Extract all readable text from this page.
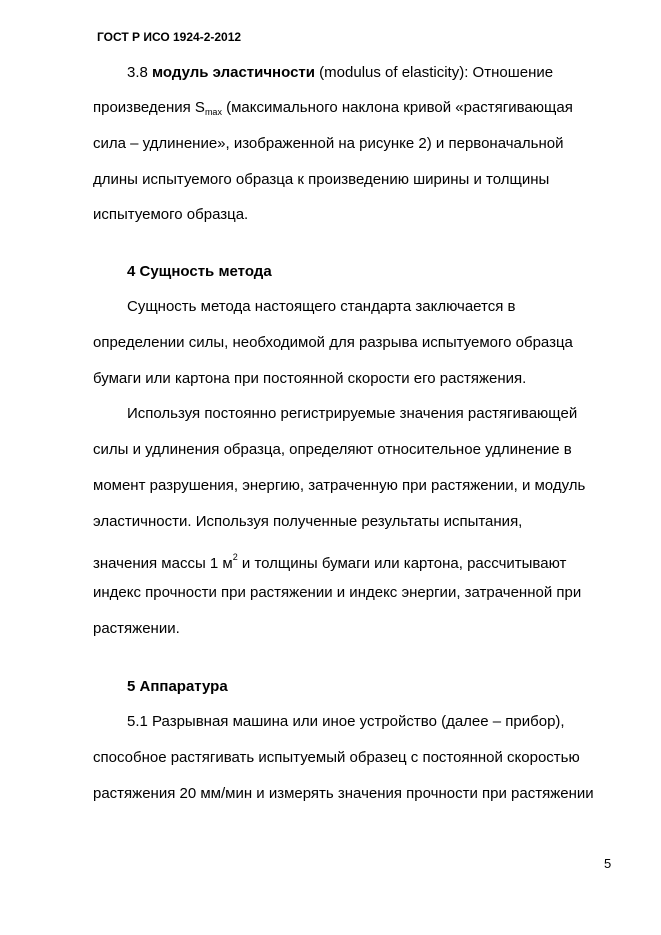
ГОСТ Р ИСО 1924-2-2012
3.8 модуль эластичности (modulus of elasticity): Отношение
произведения $S_{max}$ (максимального наклона кривой «растягивающая
сила – удлинение», изображенной на рисунке 2) и первоначальной
длины испытуемого образца к произведению ширины и толщины
испытуемого образца.
4 Сущность метода
Сущность метода настоящего стандарта заключается в
определении силы, необходимой для разрыва испытуемого образца
бумаги или картона при постоянной скорости его растяжения.
Используя постоянно регистрируемые значения растягивающей
силы и удлинения образца, определяют относительное удлинение в
момент разрушения, энергию, затраченную при растяжении, и модуль
эластичности. Используя полученные результаты испытания,
значения массы 1 $м^2$ и толщины бумаги или картона, рассчитывают
индекс прочности при растяжении и индекс энергии, затраченной при
растяжении.
5 Аппаратура
5.1 Разрывная машина или иное устройство (далее – прибор),
способное растягивать испытуемый образец с постоянной скоростью
растяжения 20 мм/мин и измерять значения прочности при растяжении
5
